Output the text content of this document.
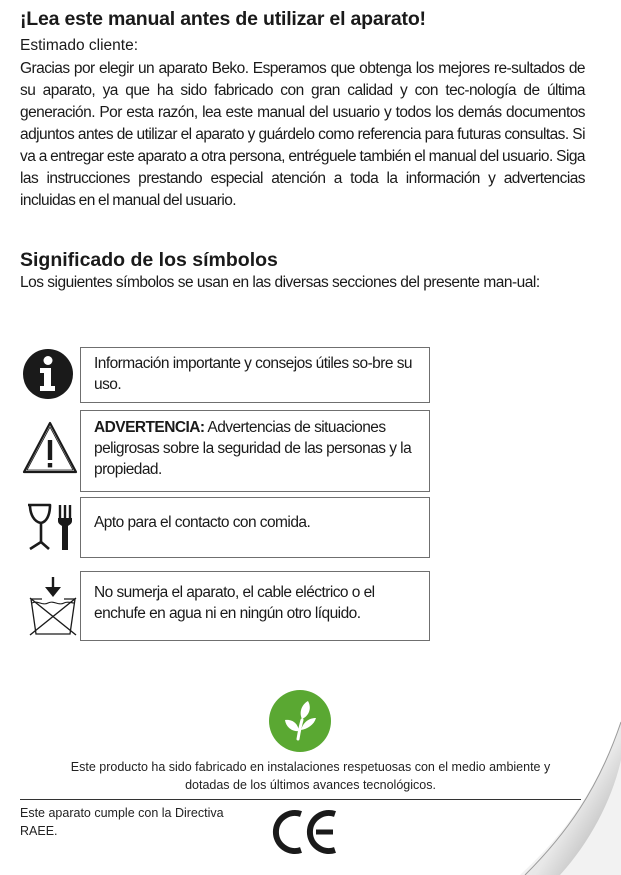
¡Lea este manual antes de utilizar el aparato!
Estimado cliente:
Gracias por elegir un aparato Beko. Esperamos que obtenga los mejores re-sultados de su aparato, ya que ha sido fabricado con gran calidad y con tec-nología de última generación. Por esta razón, lea este manual del usuario y todos los demás documentos adjuntos antes de utilizar el aparato y guárdelo como referencia para futuras consultas. Si va a entregar este aparato a otra persona, entréguele también el manual del usuario. Siga las instrucciones prestando especial atención a toda la información y advertencias incluidas en el manual del usuario.
Significado de los símbolos
Los siguientes símbolos se usan en las diversas secciones del presente man-ual:
Información importante y consejos útiles so-bre su uso.
ADVERTENCIA: Advertencias de situaciones peligrosas sobre la seguridad de las personas y la propiedad.
Apto para el contacto con comida.
No sumerja el aparato, el cable eléctrico o el enchufe en agua ni en ningún otro líquido.
Este producto ha sido fabricado en instalaciones respetuosas con el medio ambiente y
dotadas de los últimos avances tecnológicos.
Este aparato cumple con la Directiva
RAEE.
